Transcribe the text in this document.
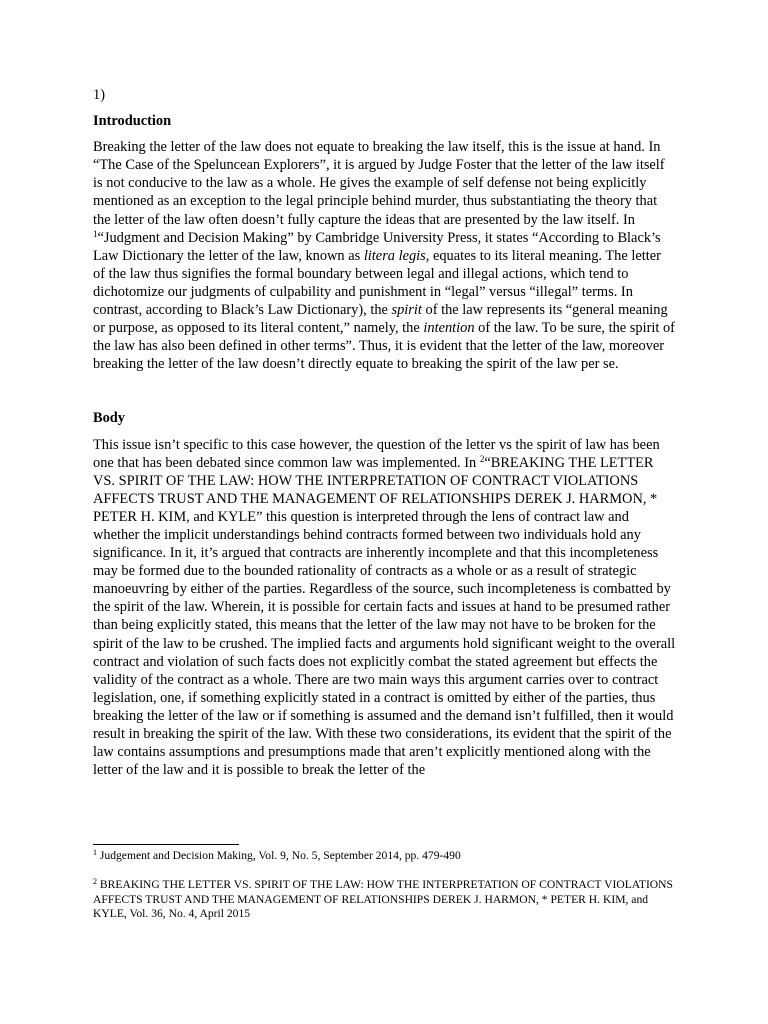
1)

Introduction

Breaking the letter of the law does not equate to breaking the law itself, this is the issue at hand. In “The Case of the Speluncean Explorers”, it is argued by Judge Foster that the letter of the law itself is not conducive to the law as a whole. He gives the example of self defense not being explicitly mentioned as an exception to the legal principle behind murder, thus substantiating the theory that the letter of the law often doesn’t fully capture the ideas that are presented by the law itself. In $^1$“Judgment and Decision Making” by Cambridge University Press, it states “According to Black’s Law Dictionary the letter of the law, known as litera legis, equates to its literal meaning. The letter of the law thus signifies the formal boundary between legal and illegal actions, which tend to dichotomize our judgments of culpability and punishment in “legal” versus “illegal” terms. In contrast, according to Black’s Law Dictionary), the spirit of the law represents its “general meaning or purpose, as opposed to its literal content,” namely, the intention of the law. To be sure, the spirit of the law has also been defined in other terms”. Thus, it is evident that the letter of the law, moreover breaking the letter of the law doesn’t directly equate to breaking the spirit of the law per se.

Body

This issue isn’t specific to this case however, the question of the letter vs the spirit of law has been one that has been debated since common law was implemented. In $^2$“BREAKING THE LETTER VS. SPIRIT OF THE LAW: HOW THE INTERPRETATION OF CONTRACT VIOLATIONS AFFECTS TRUST AND THE MANAGEMENT OF RELATIONSHIPS DEREK J. HARMON, * PETER H. KIM, and KYLE” this question is interpreted through the lens of contract law and whether the implicit understandings behind contracts formed between two individuals hold any significance. In it, it’s argued that contracts are inherently incomplete and that this incompleteness may be formed due to the bounded rationality of contracts as a whole or as a result of strategic manoeuvring by either of the parties. Regardless of the source, such incompleteness is combatted by the spirit of the law. Wherein, it is possible for certain facts and issues at hand to be presumed rather than being explicitly stated, this means that the letter of the law may not have to be broken for the spirit of the law to be crushed. The implied facts and arguments hold significant weight to the overall contract and violation of such facts does not explicitly combat the stated agreement but effects the validity of the contract as a whole. There are two main ways this argument carries over to contract legislation, one, if something explicitly stated in a contract is omitted by either of the parties, thus breaking the letter of the law or if something is assumed and the demand isn’t fulfilled, then it would result in breaking the spirit of the law. With these two considerations, its evident that the spirit of the law contains assumptions and presumptions made that aren’t explicitly mentioned along with the letter of the law and it is possible to break the letter of the

$^1$ Judgement and Decision Making, Vol. 9, No. 5, September 2014, pp. 479-490

$^2$ BREAKING THE LETTER VS. SPIRIT OF THE LAW: HOW THE INTERPRETATION OF CONTRACT VIOLATIONS AFFECTS TRUST AND THE MANAGEMENT OF RELATIONSHIPS DEREK J. HARMON, * PETER H. KIM, and KYLE, Vol. 36, No. 4, April 2015
